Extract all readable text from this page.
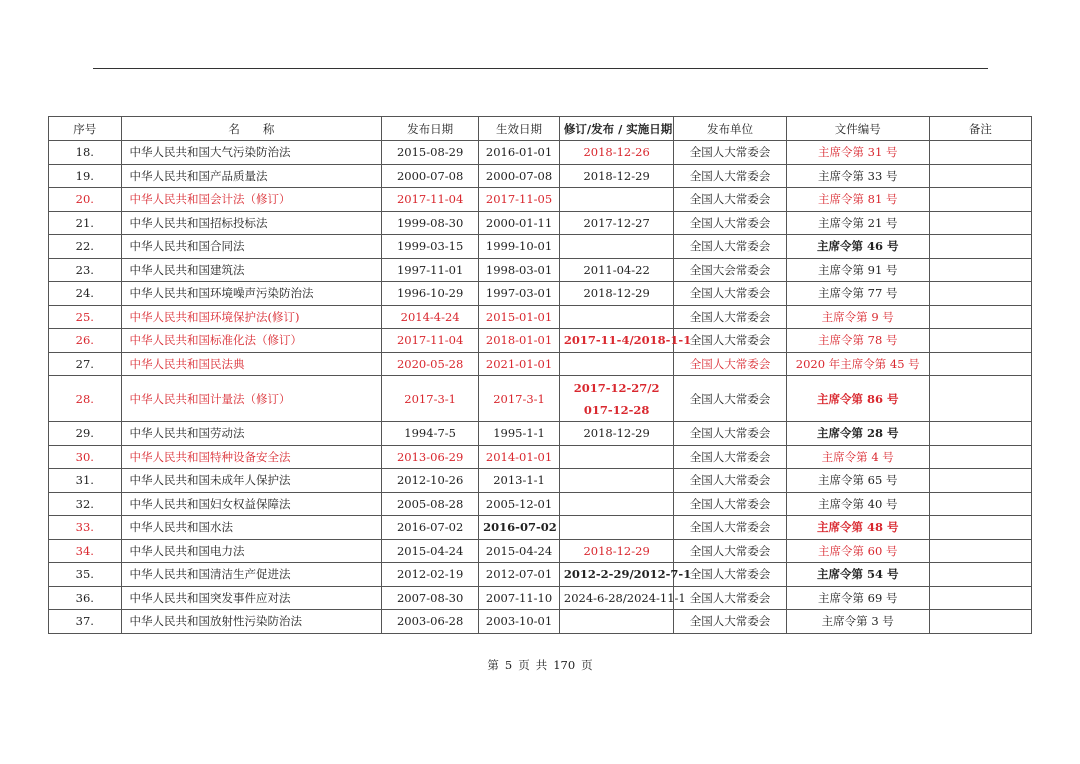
序号	名　　称	发布日期	生效日期	修订/发布 / 实施日期	发布单位	文件编号	备注
18.	中华人民共和国大气污染防治法	2015-08-29	2016-01-01	2018-12-26	全国人大常委会	主席令第 31 号	
19.	中华人民共和国产品质量法	2000-07-08	2000-07-08	2018-12-29	全国人大常委会	主席令第 33 号	
20.	中华人民共和国会计法（修订）	2017-11-04	2017-11-05		全国人大常委会	主席令第 81 号	
21.	中华人民共和国招标投标法	1999-08-30	2000-01-11	2017-12-27	全国人大常委会	主席令第 21 号	
22.	中华人民共和国合同法	1999-03-15	1999-10-01		全国人大常委会	主席令第 46 号	
23.	中华人民共和国建筑法	1997-11-01	1998-03-01	2011-04-22	全国大会常委会	主席令第 91 号	
24.	中华人民共和国环境噪声污染防治法	1996-10-29	1997-03-01	2018-12-29	全国人大常委会	主席令第 77 号	
25.	中华人民共和国环境保护法(修订)	2014-4-24	2015-01-01		全国人大常委会	主席令第 9 号	
26.	中华人民共和国标准化法（修订）	2017-11-04	2018-01-01	2017-11-4/2018-1-1	全国人大常委会	主席令第 78 号	
27.	中华人民共和国民法典	2020-05-28	2021-01-01		全国人大常委会	2020 年主席令第 45 号	
28.	中华人民共和国计量法（修订）	2017-3-1	2017-3-1	2017-12-27/2017-12-28	全国人大常委会	主席令第 86 号	
29.	中华人民共和国劳动法	1994-7-5	1995-1-1	2018-12-29	全国人大常委会	主席令第 28 号	
30.	中华人民共和国特种设备安全法	2013-06-29	2014-01-01		全国人大常委会	主席令第 4 号	
31.	中华人民共和国未成年人保护法	2012-10-26	2013-1-1		全国人大常委会	主席令第 65 号	
32.	中华人民共和国妇女权益保障法	2005-08-28	2005-12-01		全国人大常委会	主席令第 40 号	
33.	中华人民共和国水法	2016-07-02	2016-07-02		全国人大常委会	主席令第 48 号	
34.	中华人民共和国电力法	2015-04-24	2015-04-24	2018-12-29	全国人大常委会	主席令第 60 号	
35.	中华人民共和国清洁生产促进法	2012-02-19	2012-07-01	2012-2-29/2012-7-1	全国人大常委会	主席令第 54 号	
36.	中华人民共和国突发事件应对法	2007-08-30	2007-11-10	2024-6-28/2024-11-1	全国人大常委会	主席令第 69 号	
37.	中华人民共和国放射性污染防治法	2003-06-28	2003-10-01		全国人大常委会	主席令第 3 号	
第 5 页 共 170 页
